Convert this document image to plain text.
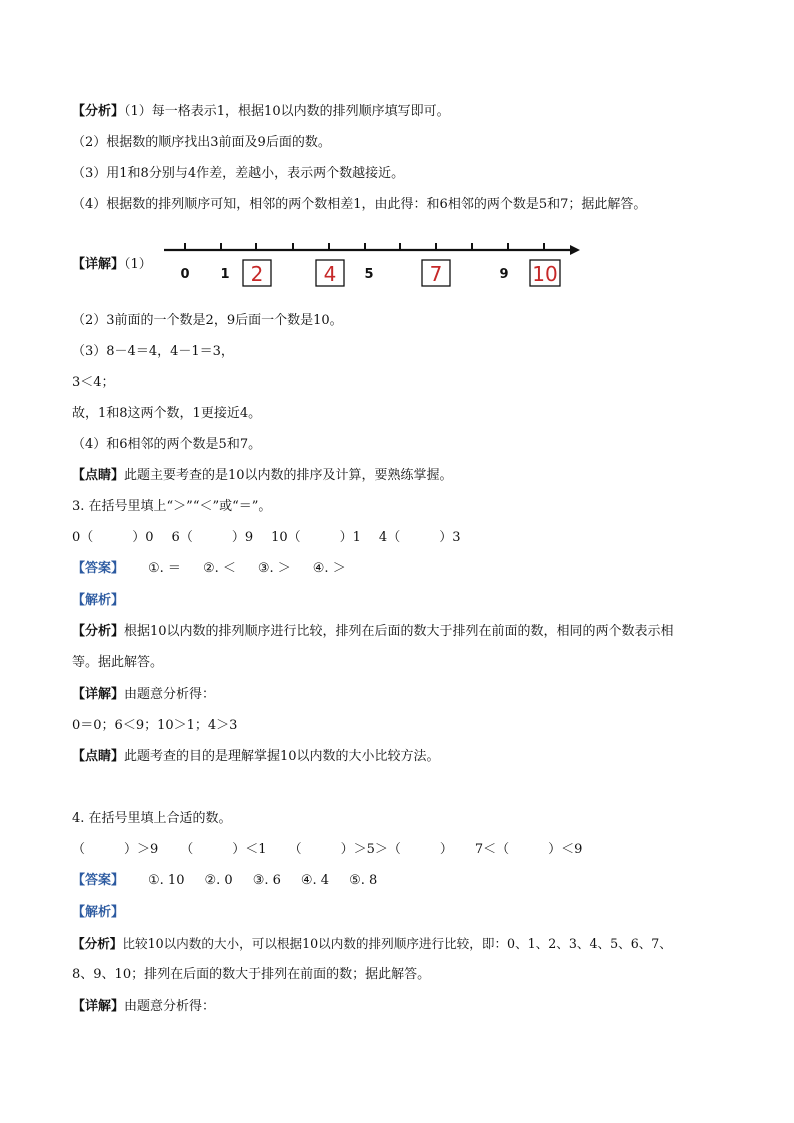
【分析】（1）每一格表示1，根据10以内数的排列顺序填写即可。
（2）根据数的顺序找出3前面及9后面的数。
（3）用1和8分别与4作差，差越小，表示两个数越接近。
（4）根据数的排列顺序可知，相邻的两个数相差1，由此得：和6相邻的两个数是5和7；据此解答。
【详解】（1）
0 1 2	4 5	7	9 10
（2）3前面的一个数是2，9后面一个数是10。
（3）8－4＝4，4－1＝3，
3＜4；
故，1和8这两个数，1更接近4。
（4）和6相邻的两个数是5和7。
【点睛】此题主要考查的是10以内数的排序及计算，要熟练掌握。
3. 在括号里填上“＞”“＜”或“＝”。
0（　　　）0 6（　　　）9 10（　　　）1 4（　　　）3
【答案】 ①. ＝ ②. ＜ ③. ＞ ④. ＞
【解析】
【分析】根据10以内数的排列顺序进行比较，排列在后面的数大于排列在前面的数，相同的两个数表示相
等。据此解答。
【详解】由题意分析得：
0＝0；6＜9；10＞1；4＞3
【点睛】此题考查的目的是理解掌握10以内数的大小比较方法。
4. 在括号里填上合适的数。
（　　　）＞9 （　　　）＜1 （　　　）＞5＞（　　　） 7＜（　　　）＜9
【答案】 ①. 10 ②. 0 ③. 6 ④. 4 ⑤. 8
【解析】
【分析】比较10以内数的大小，可以根据10以内数的排列顺序进行比较，即：0、1、2、3、4、5、6、7、
8、9、10；排列在后面的数大于排列在前面的数；据此解答。
【详解】由题意分析得：
